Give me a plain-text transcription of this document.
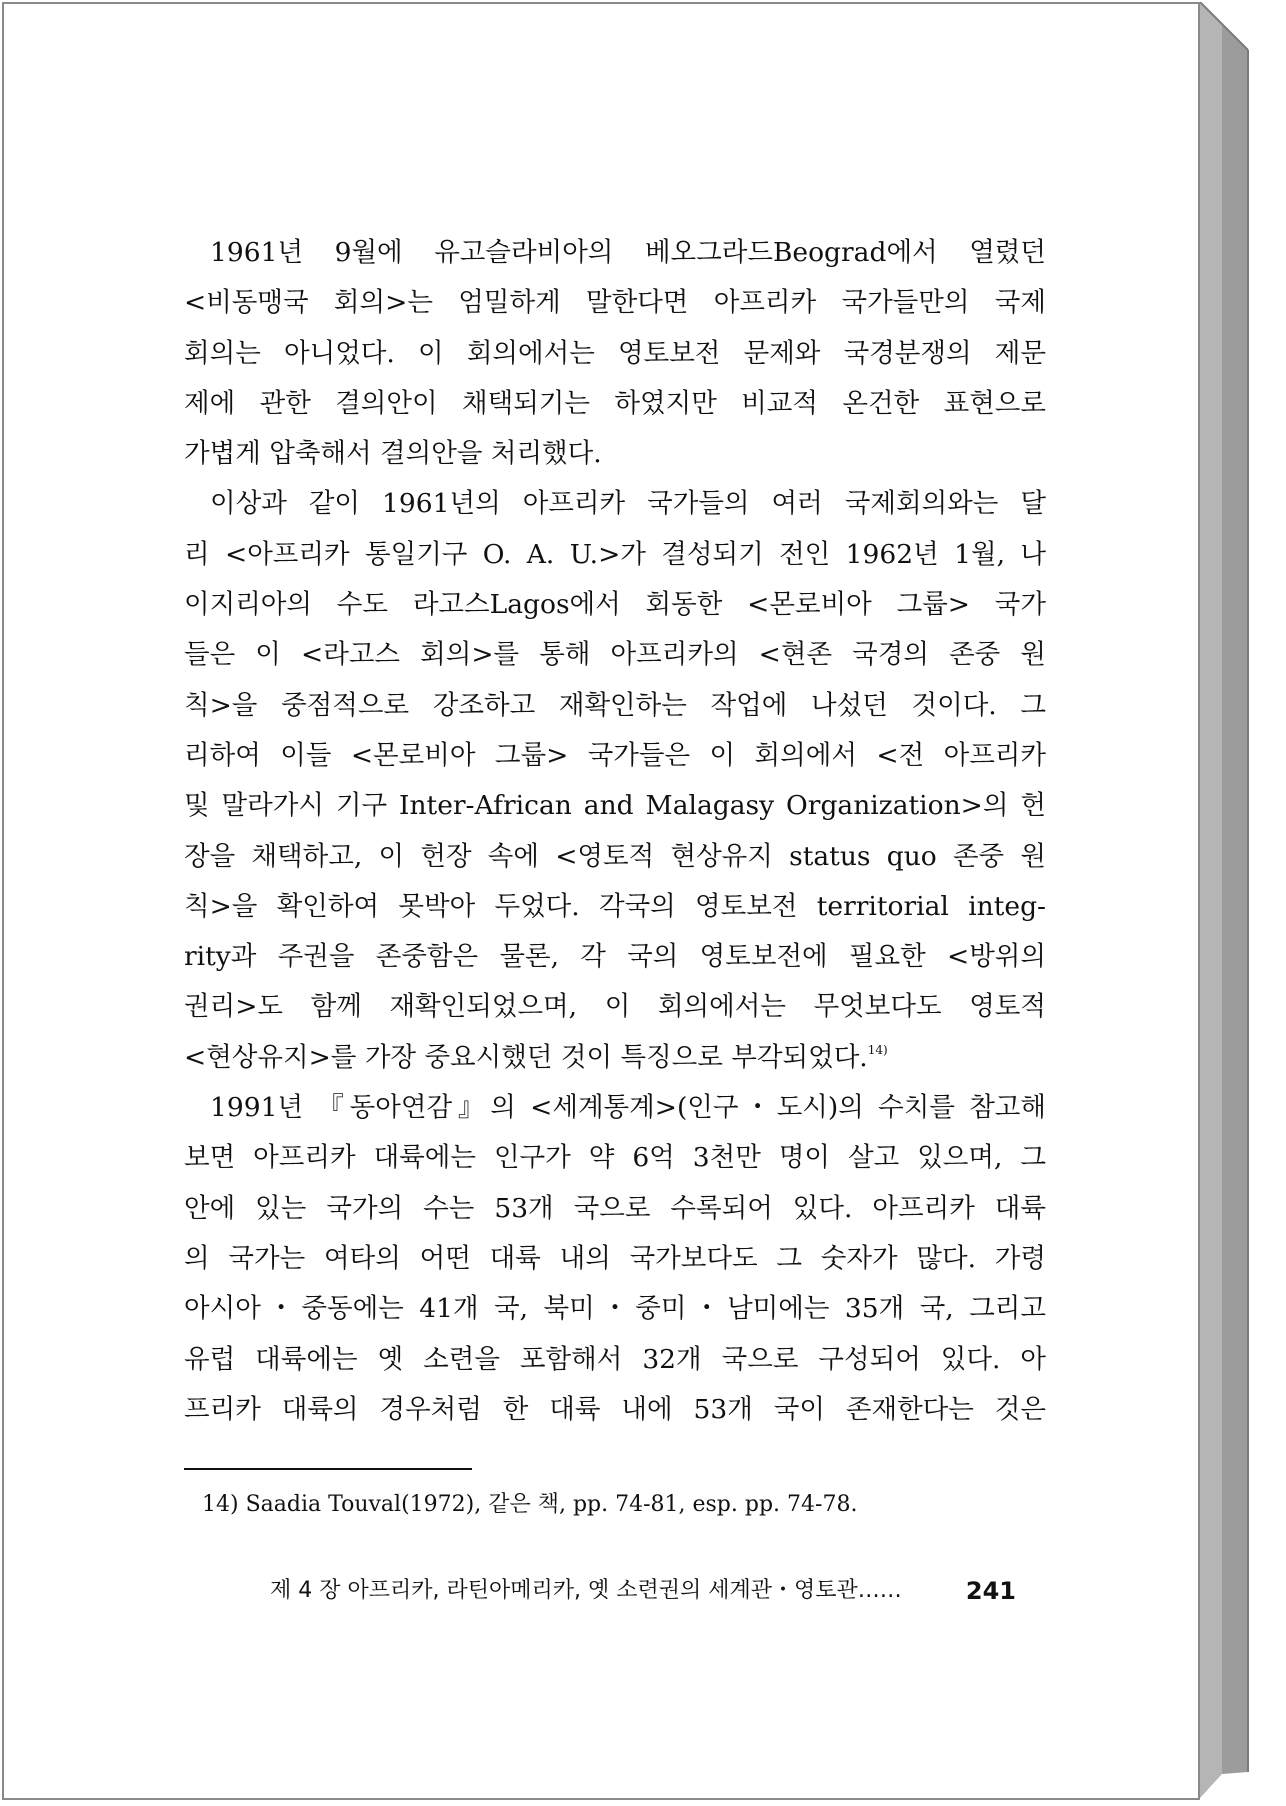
1961년 9월에 유고슬라비아의 베오그라드Beograd에서 열렸던
<비동맹국 회의>는 엄밀하게 말한다면 아프리카 국가들만의 국제
회의는 아니었다. 이 회의에서는 영토보전 문제와 국경분쟁의 제문
제에 관한 결의안이 채택되기는 하였지만 비교적 온건한 표현으로
가볍게 압축해서 결의안을 처리했다.

이상과 같이 1961년의 아프리카 국가들의 여러 국제회의와는 달
리 <아프리카 통일기구 O. A. U.>가 결성되기 전인 1962년 1월, 나
이지리아의 수도 라고스Lagos에서 회동한 <몬로비아 그룹> 국가
들은 이 <라고스 회의>를 통해 아프리카의 <현존 국경의 존중 원
칙>을 중점적으로 강조하고 재확인하는 작업에 나섰던 것이다. 그
리하여 이들 <몬로비아 그룹> 국가들은 이 회의에서 <전 아프리카
및 말라가시 기구 Inter-African and Malagasy Organization>의 헌
장을 채택하고, 이 헌장 속에 <영토적 현상유지 status quo 존중 원
칙>을 확인하여 못박아 두었다. 각국의 영토보전 territorial integ-
rity과 주권을 존중함은 물론, 각 국의 영토보전에 필요한 <방위의
권리>도 함께 재확인되었으며, 이 회의에서는 무엇보다도 영토적
<현상유지>를 가장 중요시했던 것이 특징으로 부각되었다.$^{14)}$

1991년 『동아연감』의 <세계통계>(인구・도시)의 수치를 참고해
보면 아프리카 대륙에는 인구가 약 6억 3천만 명이 살고 있으며, 그
안에 있는 국가의 수는 53개 국으로 수록되어 있다. 아프리카 대륙
의 국가는 여타의 어떤 대륙 내의 국가보다도 그 숫자가 많다. 가령
아시아・중동에는 41개 국, 북미・중미・남미에는 35개 국, 그리고
유럽 대륙에는 옛 소련을 포함해서 32개 국으로 구성되어 있다. 아
프리카 대륙의 경우처럼 한 대륙 내에 53개 국이 존재한다는 것은

14) Saadia Touval(1972), 같은 책, pp. 74-81, esp. pp. 74-78.
제 4 장 아프리카, 라틴아메리카, 옛 소련권의 세계관・영토관……	241
